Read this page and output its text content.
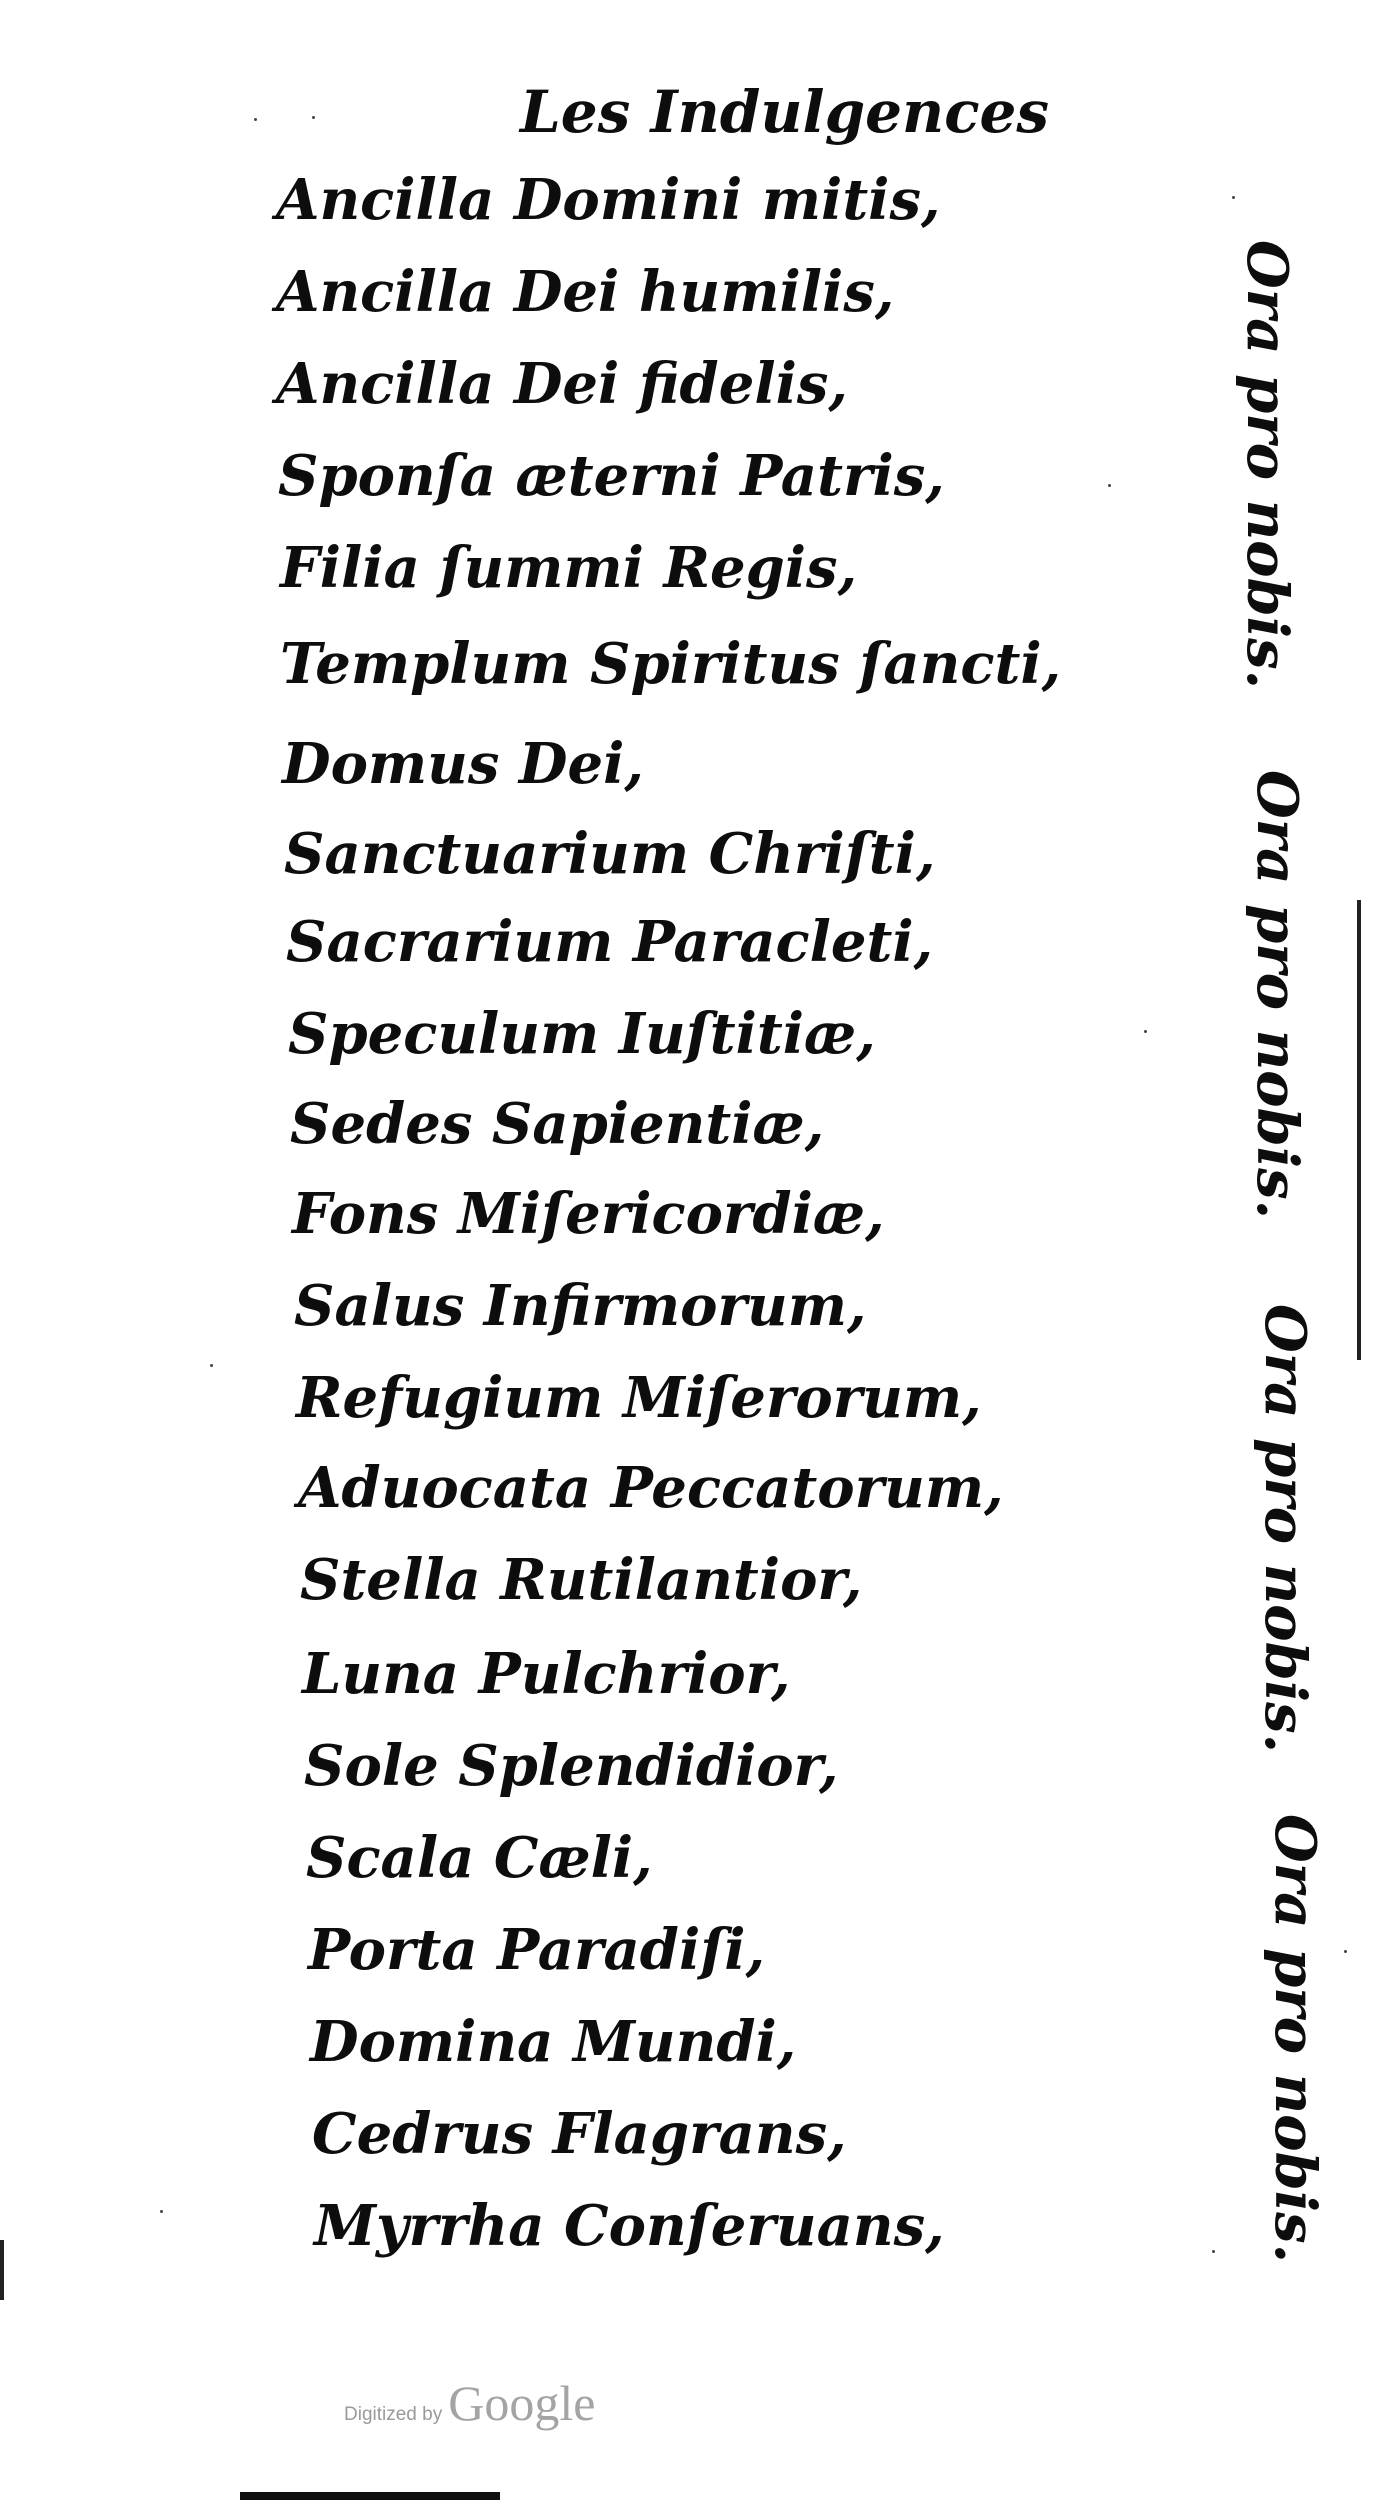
Les Indulgences
Ancilla Domini mitis,
Ancilla Dei humilis,
Ancilla Dei fidelis,
Sponſa æterni Patris,
Filia ſummi Regis,
Templum Spiritus ſancti,
Domus Dei,
Sanctuarium Chriſti,
Sacrarium Paracleti,
Speculum Iuſtitiæ,
Sedes Sapientiæ,
Fons Miſericordiæ,
Salus Infirmorum,
Refugium Miſerorum,
Aduocata Peccatorum,
Stella Rutilantior,
Luna Pulchrior,
Sole Splendidior,
Scala Cæli,
Porta Paradiſi,
Domina Mundi,
Cedrus Flagrans,
Myrrha Conſeruans,
Ora pro nobis.
Ora pro nobis.
Ora pro nobis.
Ora pro nobis.
Digitized by Google
